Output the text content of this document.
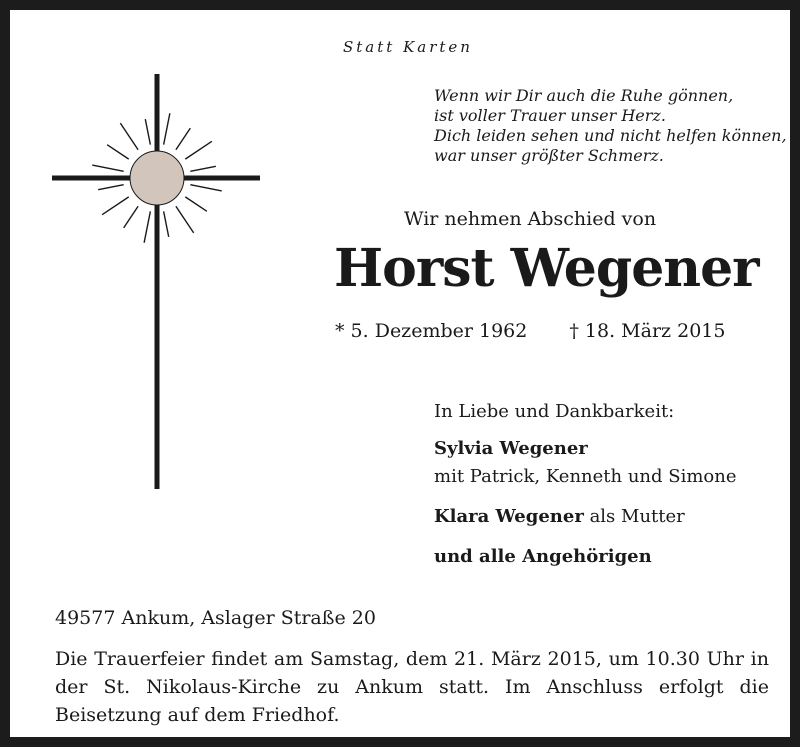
Statt Karten
Wenn wir Dir auch die Ruhe gönnen,
ist voller Trauer unser Herz.
Dich leiden sehen und nicht helfen können,
war unser größter Schmerz.
Wir nehmen Abschied von
Horst Wegener
* 5. Dezember 1962 † 18. März 2015
In Liebe und Dankbarkeit:
Sylvia Wegener
mit Patrick, Kenneth und Simone
Klara Wegener als Mutter
und alle Angehörigen
49577 Ankum, Aslager Straße 20
Die Trauerfeier findet am Samstag, dem 21. März 2015, um 10.30 Uhr in der St. Nikolaus-Kirche zu Ankum statt. Im Anschluss erfolgt die Beisetzung auf dem Friedhof.
